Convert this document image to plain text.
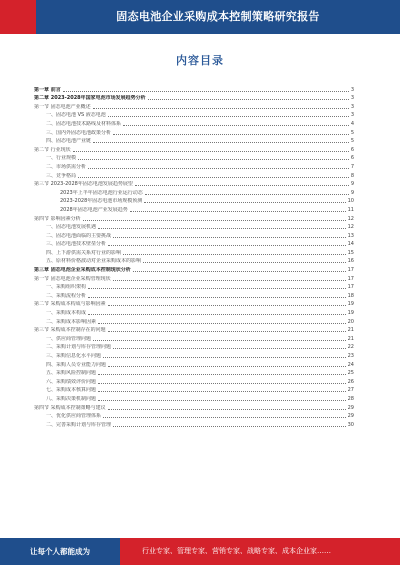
固态电池企业采购成本控制策略研究报告
内容目录
第一章 前言	3
第二章 2023-2028年国家电池市场发展趋势分析	3
第一节 固态电池产业概述	3
一、固态电池 VS 液态电池	3
二、固态电池技术路线及材料体系	4
三、国内外固态电池政策分析	5
四、固态电池产业链	5
第二节 行业现状	6
一、行业规模	6
二、市场供需分析	7
三、竞争格局	8
第三节 2023-2028年固态电池发展趋势展望	9
2023年上半年固态电池行业运行动态	9
2023-2028年固态电池市场规模预测	10
2028年固态电池产业发展趋势	11
第四节 影响因素分析	12
一、固态电池发展机遇	12
二、固态电池面临的主要挑战	13
三、固态电池技术壁垒分析	14
四、上下游供需关系对行业的影响	15
五、原材料价格波动对企业采购成本的影响	16
第三章 固态电池企业采购成本控制现状分析	17
第一节 固态电池企业采购管理现状	17
一、采购组织架构	17
二、采购流程分析	18
第二节 采购成本构成与影响因素	19
一、采购成本构成	19
二、采购成本影响因素	20
第三节 采购成本控制存在的问题	21
一、供应商管理问题	21
二、采购计划与库存管理问题	22
三、采购信息化水平问题	23
四、采购人员专业能力问题	24
五、采购风险控制问题	25
六、采购绩效评价问题	26
七、采购成本核算问题	27
八、采购决策机制问题	28
第四节 采购成本控制策略与建议	29
一、优化供应商管理体系	29
二、完善采购计划与库存管理	30
让每个人都能成为	行业专家、管理专家、营销专家、战略专家、成本企业家……
